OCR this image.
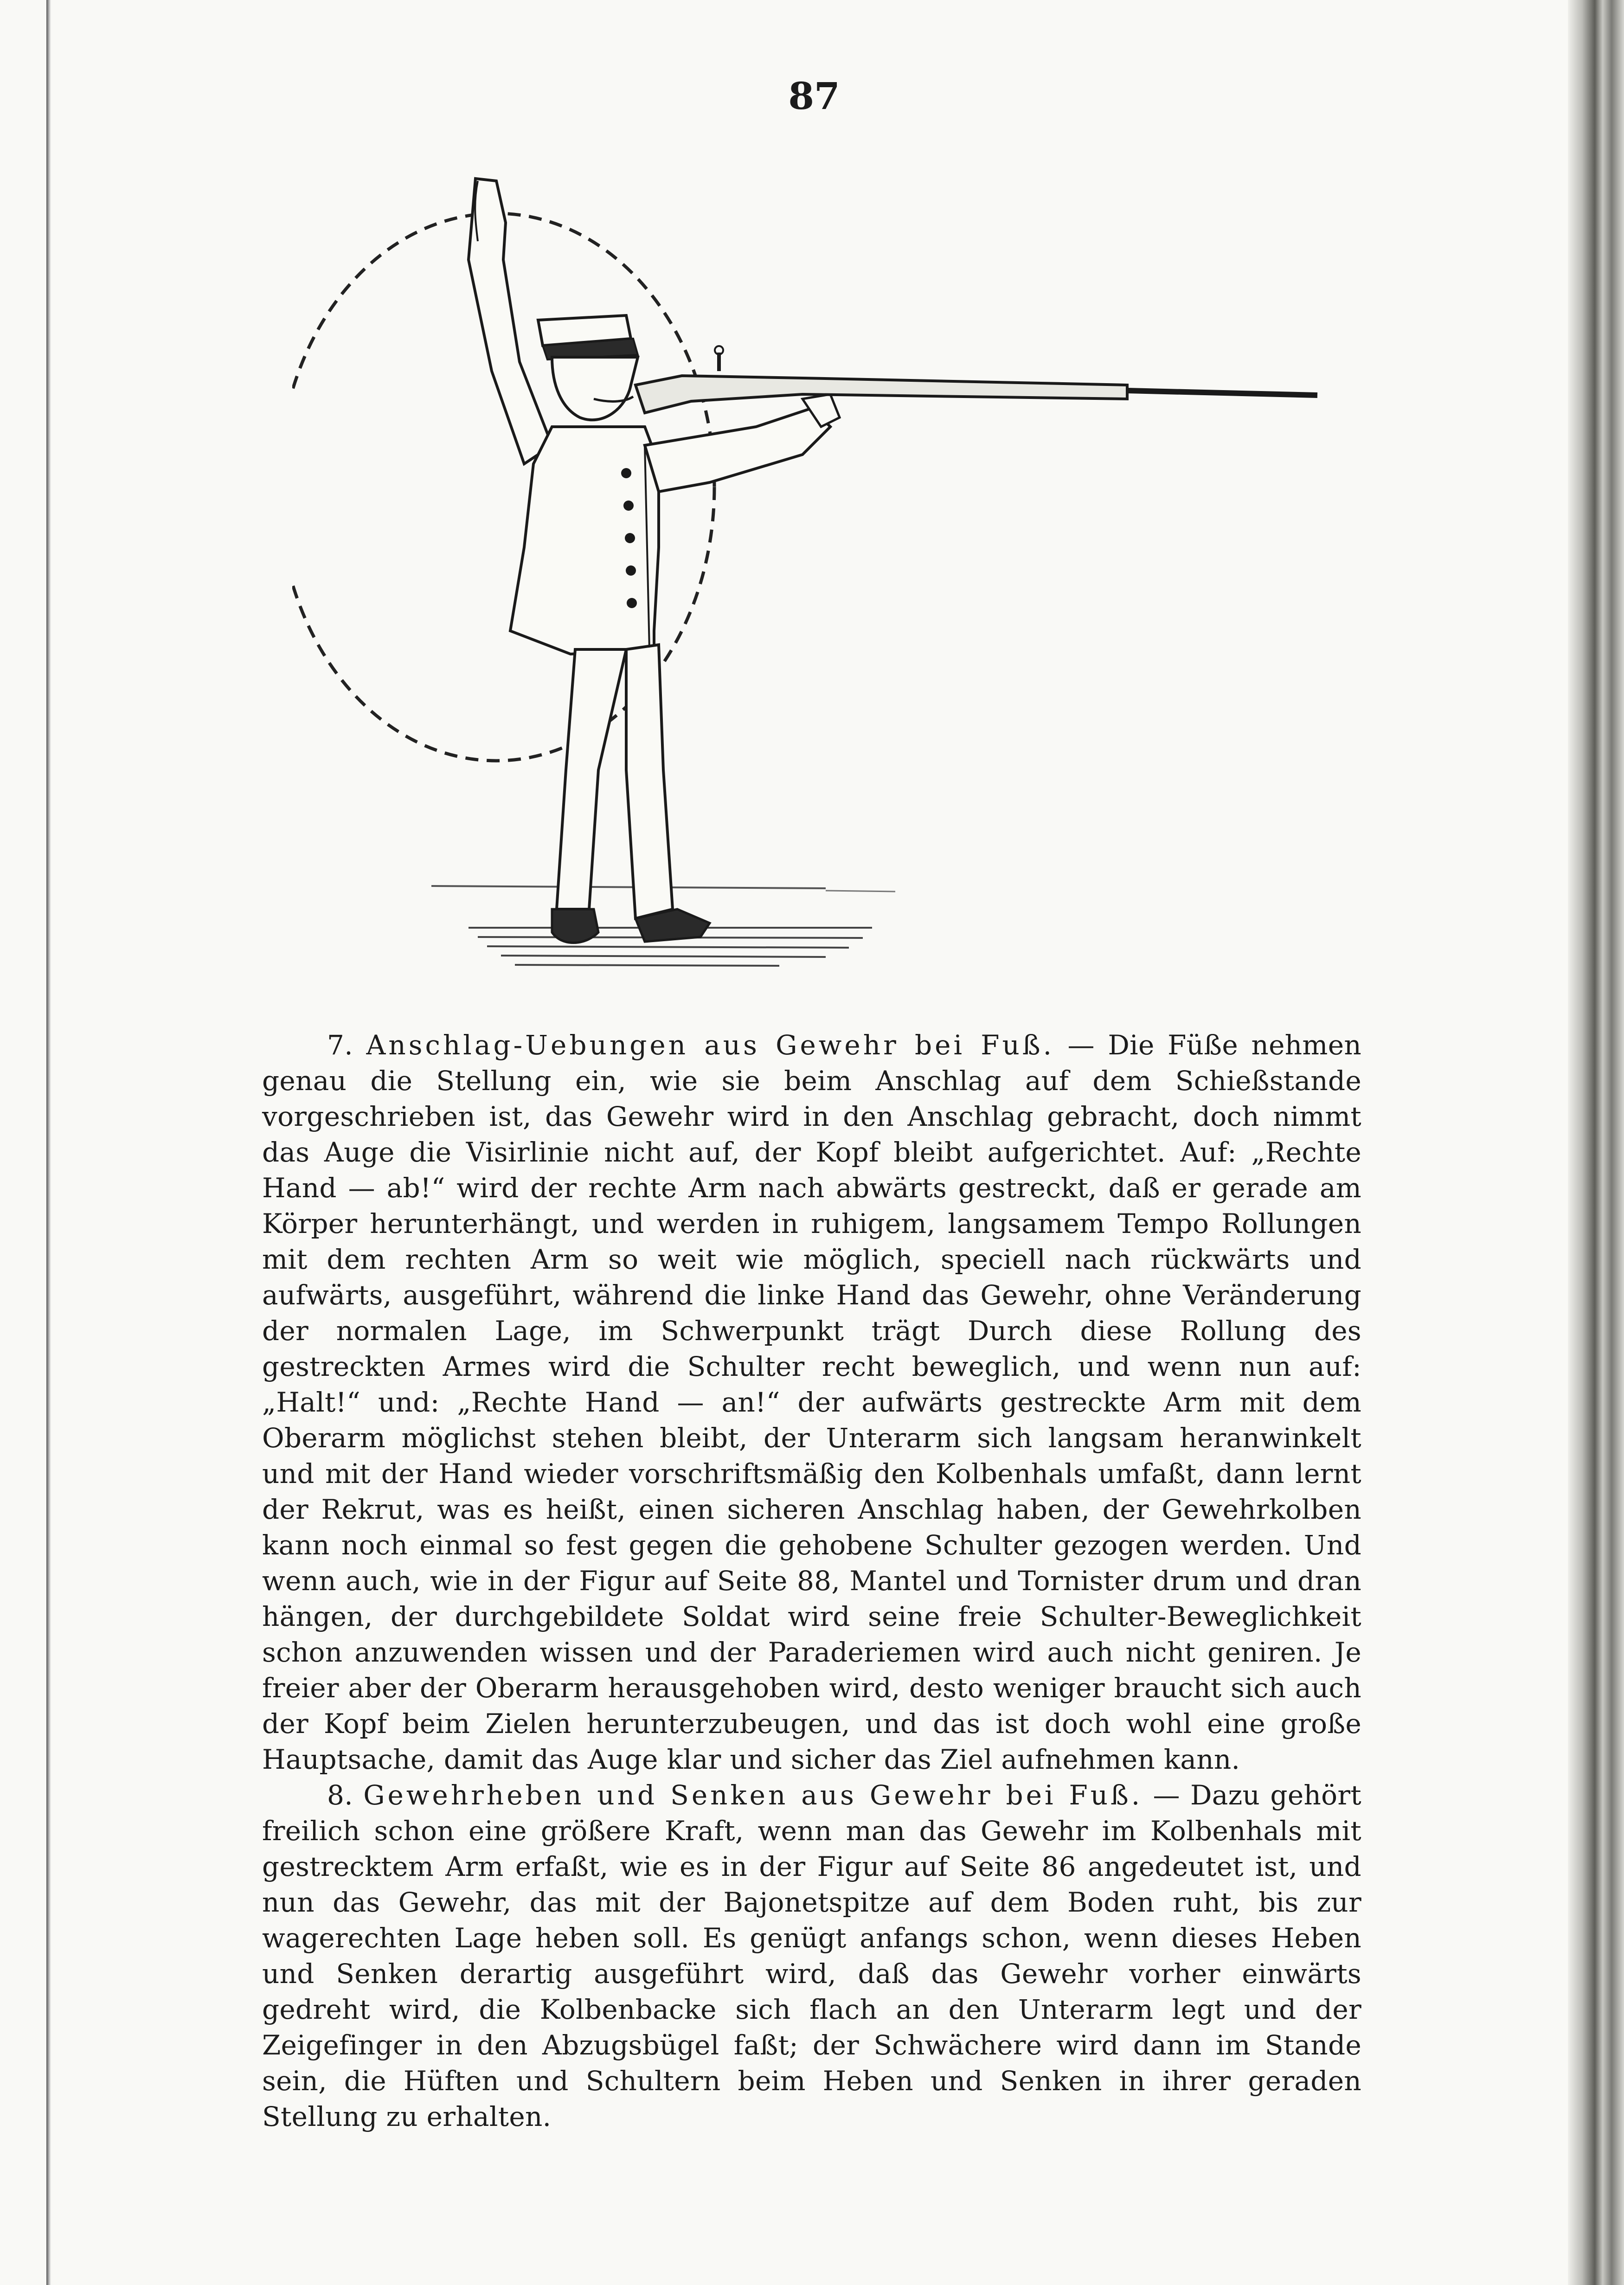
87

7. Anschlag-Uebungen aus Gewehr bei Fuß. — Die Füße nehmen genau die Stellung ein, wie sie beim Anschlag auf dem Schießstande vorgeschrieben ist, das Gewehr wird in den Anschlag gebracht, doch nimmt das Auge die Visirlinie nicht auf, der Kopf bleibt aufgerichtet. Auf: „Rechte Hand — ab!“ wird der rechte Arm nach abwärts gestreckt, daß er gerade am Körper herunterhängt, und werden in ruhigem, langsamem Tempo Rollungen mit dem rechten Arm so weit wie möglich, speciell nach rückwärts und aufwärts, ausgeführt, während die linke Hand das Gewehr, ohne Veränderung der normalen Lage, im Schwerpunkt trägt Durch diese Rollung des gestreckten Armes wird die Schulter recht beweglich, und wenn nun auf: „Halt!“ und: „Rechte Hand — an!“ der aufwärts gestreckte Arm mit dem Oberarm möglichst stehen bleibt, der Unterarm sich langsam heranwinkelt und mit der Hand wieder vorschriftsmäßig den Kolbenhals umfaßt, dann lernt der Rekrut, was es heißt, einen sicheren Anschlag haben, der Gewehrkolben kann noch einmal so fest gegen die gehobene Schulter gezogen werden. Und wenn auch, wie in der Figur auf Seite 88, Mantel und Tornister drum und dran hängen, der durchgebildete Soldat wird seine freie Schulter-Beweglichkeit schon anzuwenden wissen und der Paraderiemen wird auch nicht geniren. Je freier aber der Oberarm herausgehoben wird, desto weniger braucht sich auch der Kopf beim Zielen herunterzubeugen, und das ist doch wohl eine große Hauptsache, damit das Auge klar und sicher das Ziel aufnehmen kann.

8. Gewehrheben und Senken aus Gewehr bei Fuß. — Dazu gehört freilich schon eine größere Kraft, wenn man das Gewehr im Kolbenhals mit gestrecktem Arm erfaßt, wie es in der Figur auf Seite 86 angedeutet ist, und nun das Gewehr, das mit der Bajonetspitze auf dem Boden ruht, bis zur wagerechten Lage heben soll. Es genügt anfangs schon, wenn dieses Heben und Senken derartig ausgeführt wird, daß das Gewehr vorher einwärts gedreht wird, die Kolbenbacke sich flach an den Unterarm legt und der Zeigefinger in den Abzugsbügel faßt; der Schwächere wird dann im Stande sein, die Hüften und Schultern beim Heben und Senken in ihrer geraden Stellung zu erhalten.
